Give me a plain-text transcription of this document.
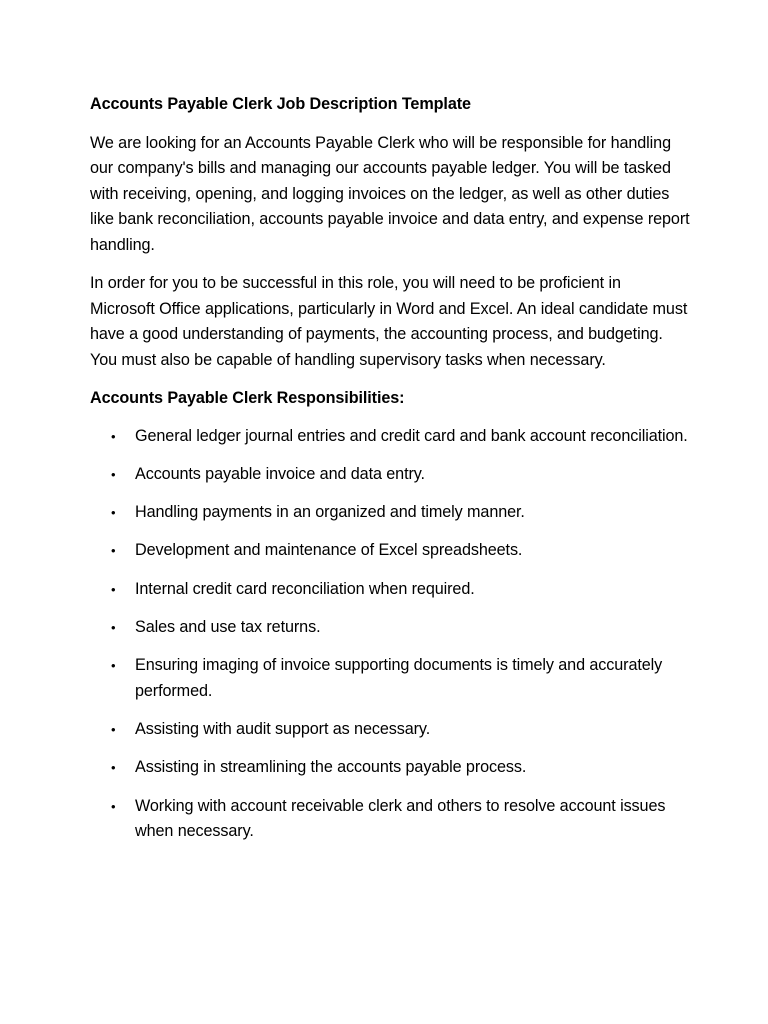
Accounts Payable Clerk Job Description Template

We are looking for an Accounts Payable Clerk who will be responsible for handling our company's bills and managing our accounts payable ledger. You will be tasked with receiving, opening, and logging invoices on the ledger, as well as other duties like bank reconciliation, accounts payable invoice and data entry, and expense report handling.

In order for you to be successful in this role, you will need to be proficient in Microsoft Office applications, particularly in Word and Excel. An ideal candidate must have a good understanding of payments, the accounting process, and budgeting. You must also be capable of handling supervisory tasks when necessary.

Accounts Payable Clerk Responsibilities:
• General ledger journal entries and credit card and bank account reconciliation.
• Accounts payable invoice and data entry.
• Handling payments in an organized and timely manner.
• Development and maintenance of Excel spreadsheets.
• Internal credit card reconciliation when required.
• Sales and use tax returns.
• Ensuring imaging of invoice supporting documents is timely and accurately performed.
• Assisting with audit support as necessary.
• Assisting in streamlining the accounts payable process.
• Working with account receivable clerk and others to resolve account issues when necessary.
